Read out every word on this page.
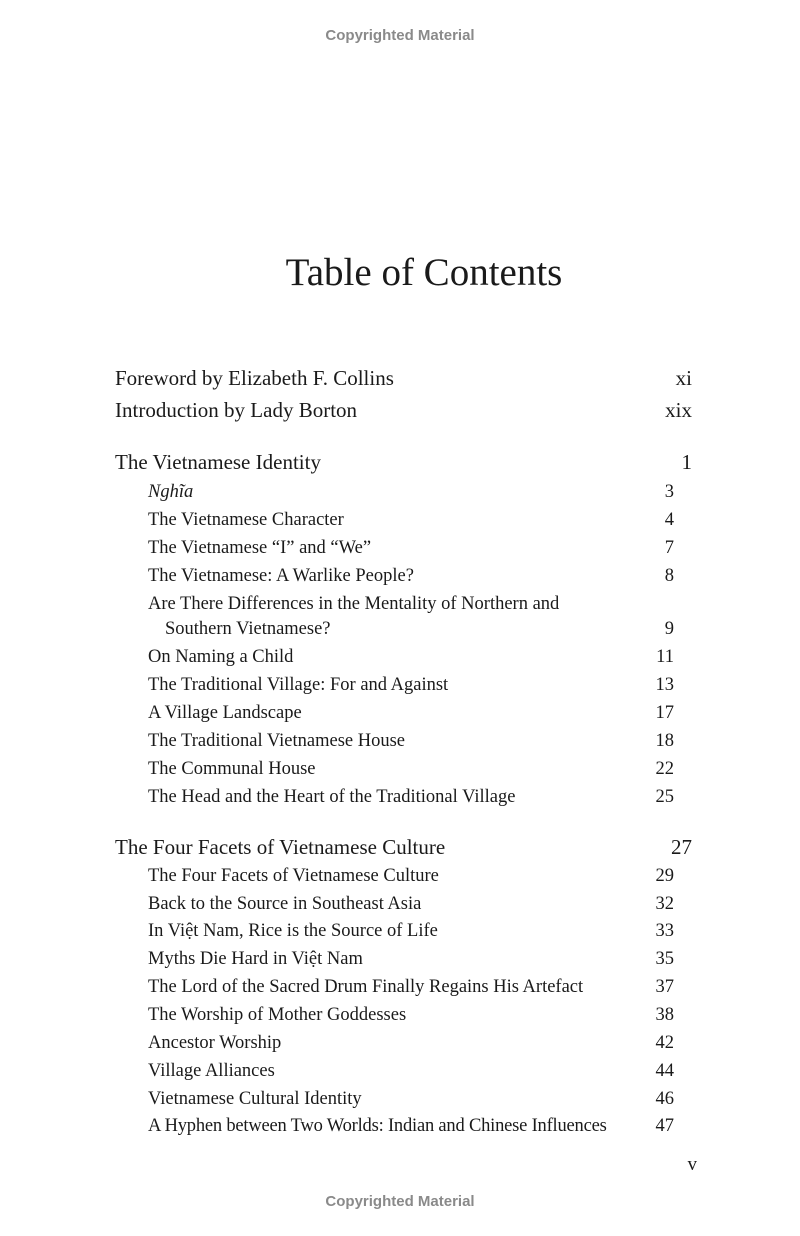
Copyrighted Material
Table of Contents
Foreword by Elizabeth F. Collins	xi
Introduction by Lady Borton	xix
The Vietnamese Identity	1
Nghĩa	3
The Vietnamese Character	4
The Vietnamese “I” and “We”	7
The Vietnamese: A Warlike People?	8
Are There Differences in the Mentality of Northern and
Southern Vietnamese?	9
On Naming a Child	11
The Traditional Village: For and Against	13
A Village Landscape	17
The Traditional Vietnamese House	18
The Communal House	22
The Head and the Heart of the Traditional Village	25
The Four Facets of Vietnamese Culture	27
The Four Facets of Vietnamese Culture	29
Back to the Source in Southeast Asia	32
In Việt Nam, Rice is the Source of Life	33
Myths Die Hard in Việt Nam	35
The Lord of the Sacred Drum Finally Regains His Artefact	37
The Worship of Mother Goddesses	38
Ancestor Worship	42
Village Alliances	44
Vietnamese Cultural Identity	46
A Hyphen between Two Worlds: Indian and Chinese Influences	47
v
Copyrighted Material
